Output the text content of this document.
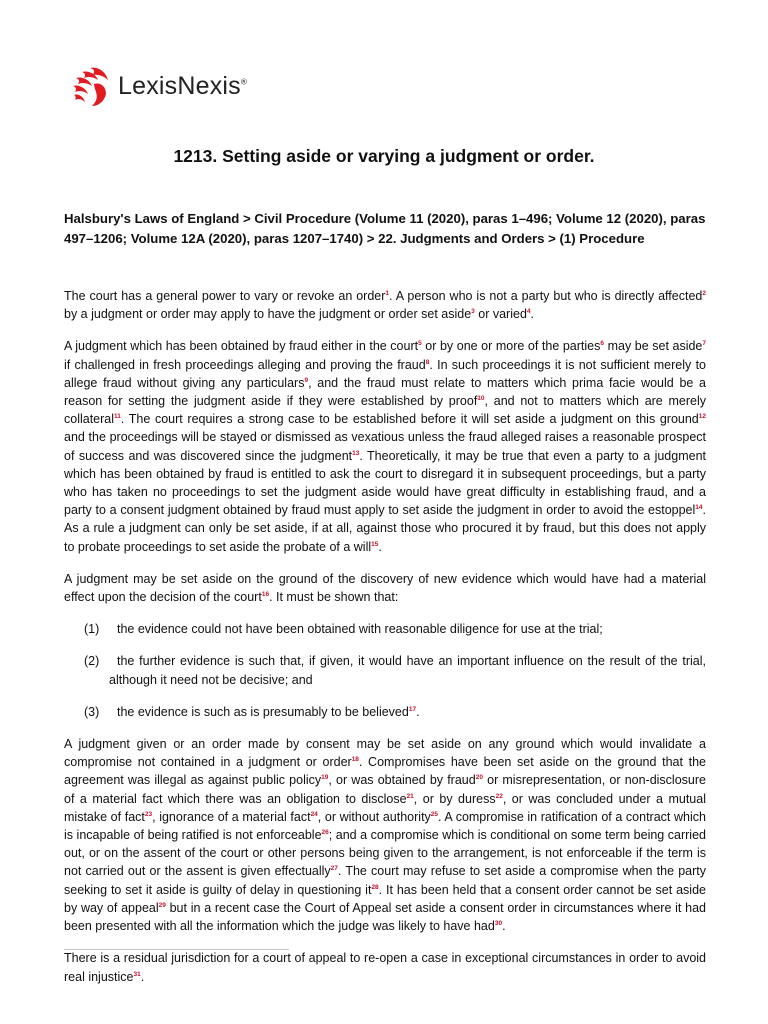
LexisNexis®
1213. Setting aside or varying a judgment or order.
Halsbury's Laws of England > Civil Procedure (Volume 11 (2020), paras 1–496; Volume 12 (2020), paras 497–1206; Volume 12A (2020), paras 1207–1740) > 22. Judgments and Orders > (1) Procedure

The court has a general power to vary or revoke an order$^1$. A person who is not a party but who is directly affected$^2$ by a judgment or order may apply to have the judgment or order set aside$^3$ or varied$^4$.

A judgment which has been obtained by fraud either in the court$^5$ or by one or more of the parties$^6$ may be set aside$^7$ if challenged in fresh proceedings alleging and proving the fraud$^8$. In such proceedings it is not sufficient merely to allege fraud without giving any particulars$^9$, and the fraud must relate to matters which prima facie would be a reason for setting the judgment aside if they were established by proof$^{10}$, and not to matters which are merely collateral$^{11}$. The court requires a strong case to be established before it will set aside a judgment on this ground$^{12}$ and the proceedings will be stayed or dismissed as vexatious unless the fraud alleged raises a reasonable prospect of success and was discovered since the judgment$^{13}$. Theoretically, it may be true that even a party to a judgment which has been obtained by fraud is entitled to ask the court to disregard it in subsequent proceedings, but a party who has taken no proceedings to set the judgment aside would have great difficulty in establishing fraud, and a party to a consent judgment obtained by fraud must apply to set aside the judgment in order to avoid the estoppel$^{14}$. As a rule a judgment can only be set aside, if at all, against those who procured it by fraud, but this does not apply to probate proceedings to set aside the probate of a will$^{15}$.

A judgment may be set aside on the ground of the discovery of new evidence which would have had a material effect upon the decision of the court$^{16}$. It must be shown that:

(1) the evidence could not have been obtained with reasonable diligence for use at the trial;

(2) the further evidence is such that, if given, it would have an important influence on the result of the trial, although it need not be decisive; and

(3) the evidence is such as is presumably to be believed$^{17}$.

A judgment given or an order made by consent may be set aside on any ground which would invalidate a compromise not contained in a judgment or order$^{18}$. Compromises have been set aside on the ground that the agreement was illegal as against public policy$^{19}$, or was obtained by fraud$^{20}$ or misrepresentation, or non-disclosure of a material fact which there was an obligation to disclose$^{21}$, or by duress$^{22}$, or was concluded under a mutual mistake of fact$^{23}$, ignorance of a material fact$^{24}$, or without authority$^{25}$. A compromise in ratification of a contract which is incapable of being ratified is not enforceable$^{26}$; and a compromise which is conditional on some term being carried out, or on the assent of the court or other persons being given to the arrangement, is not enforceable if the term is not carried out or the assent is given effectually$^{27}$. The court may refuse to set aside a compromise when the party seeking to set it aside is guilty of delay in questioning it$^{28}$. It has been held that a consent order cannot be set aside by way of appeal$^{29}$ but in a recent case the Court of Appeal set aside a consent order in circumstances where it had been presented with all the information which the judge was likely to have had$^{30}$.

There is a residual jurisdiction for a court of appeal to re-open a case in exceptional circumstances in order to avoid real injustice$^{31}$.
